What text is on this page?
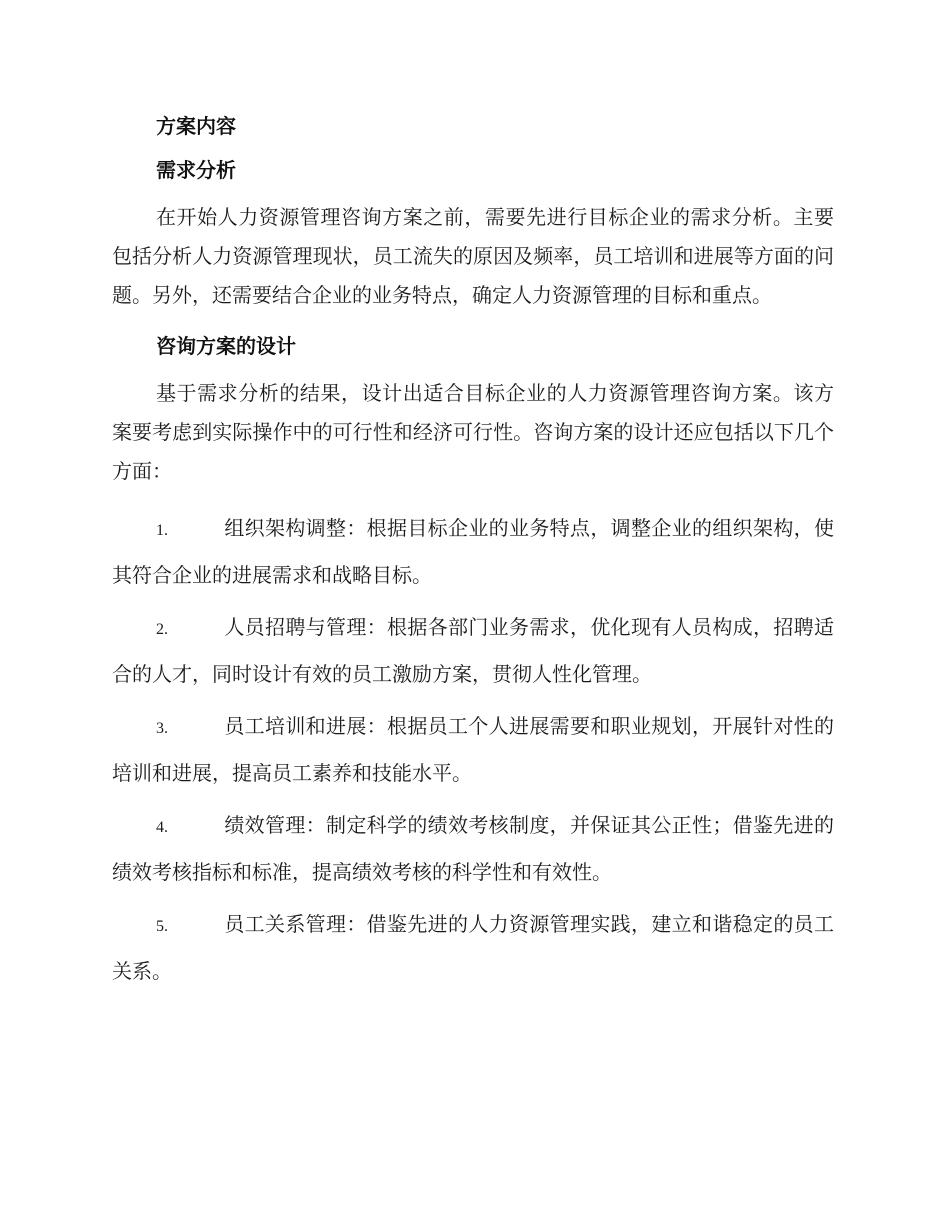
方案内容
需求分析

在开始人力资源管理咨询方案之前，需要先进行目标企业的需求分析。主要包括分析人力资源管理现状，员工流失的原因及频率，员工培训和进展等方面的问题。另外，还需要结合企业的业务特点，确定人力资源管理的目标和重点。

咨询方案的设计

基于需求分析的结果，设计出适合目标企业的人力资源管理咨询方案。该方案要考虑到实际操作中的可行性和经济可行性。咨询方案的设计还应包括以下几个方面：

1.	组织架构调整：根据目标企业的业务特点，调整企业的组织架构，使其符合企业的进展需求和战略目标。

2.	人员招聘与管理：根据各部门业务需求，优化现有人员构成，招聘适合的人才，同时设计有效的员工激励方案，贯彻人性化管理。

3.	员工培训和进展：根据员工个人进展需要和职业规划，开展针对性的培训和进展，提高员工素养和技能水平。

4.	绩效管理：制定科学的绩效考核制度，并保证其公正性；借鉴先进的绩效考核指标和标准，提高绩效考核的科学性和有效性。

5.	员工关系管理：借鉴先进的人力资源管理实践，建立和谐稳定的员工关系。
